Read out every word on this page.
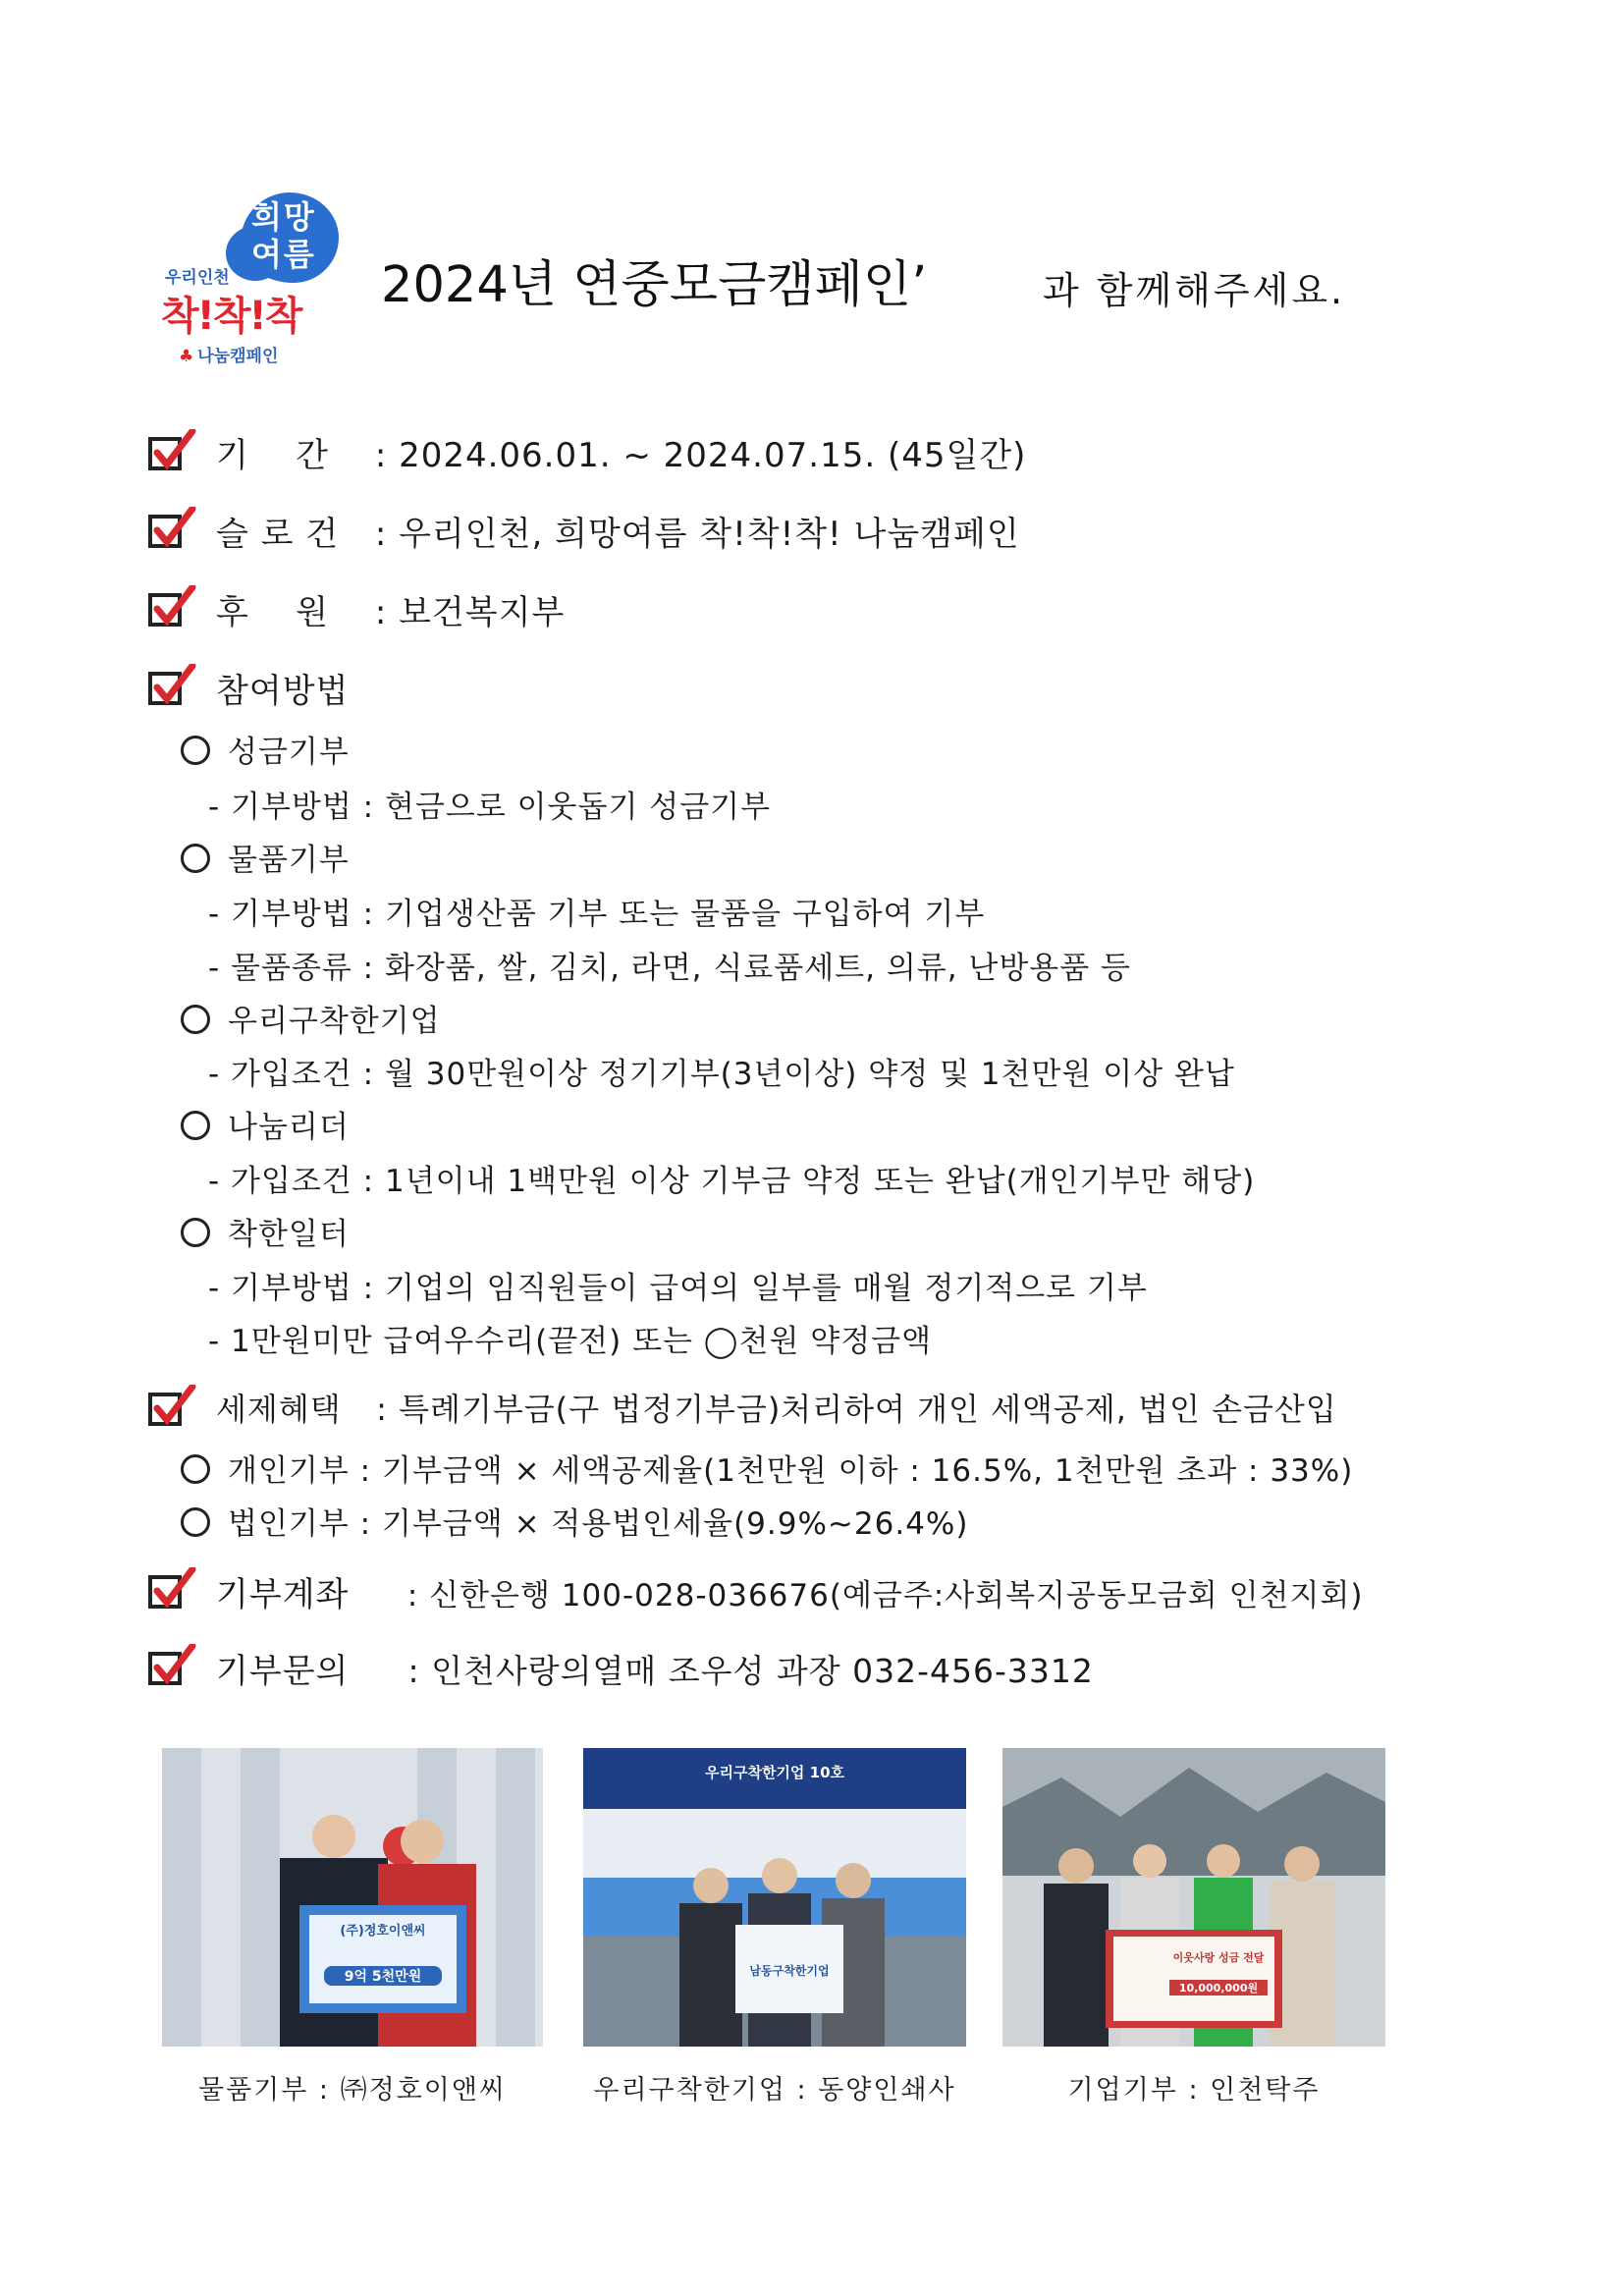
희망여름
우리인천
착!착!착
♣ 나눔캠페인
2024년 연중모금캠페인’	과 함께해주세요.
기    간 : 2024.06.01. ~ 2024.07.15. (45일간)
슬 로 건 : 우리인천, 희망여름 착!착!착! 나눔캠페인
후    원 : 보건복지부
참여방법
성금기부
- 기부방법 : 현금으로 이웃돕기 성금기부
물품기부
- 기부방법 : 기업생산품 기부 또는 물품을 구입하여 기부
- 물품종류 : 화장품, 쌀, 김치, 라면, 식료품세트, 의류, 난방용품 등
우리구착한기업
- 가입조건 : 월 30만원이상 정기기부(3년이상) 약정 및 1천만원 이상 완납
나눔리더
- 가입조건 : 1년이내 1백만원 이상 기부금 약정 또는 완납(개인기부만 해당)
착한일터
- 기부방법 : 기업의 임직원들이 급여의 일부를 매월 정기적으로 기부
- 1만원미만 급여우수리(끝전) 또는 ◯천원 약정금액
세제혜택 : 특례기부금(구 법정기부금)처리하여 개인 세액공제, 법인 손금산입
개인기부 : 기부금액 × 세액공제율(1천만원 이하 : 16.5%, 1천만원 초과 : 33%)
법인기부 : 기부금액 × 적용법인세율(9.9%~26.4%)
기부계좌 : 신한은행 100-028-036676(예금주:사회복지공동모금회 인천지회)
기부문의 : 인천사랑의열매 조우성 과장 032-456-3312
(주)정호이앤씨
9억 5천만원
우리구착한기업 10호
남동구착한기업
이웃사랑 성금 전달
10,000,000원
물품기부 : ㈜정호이앤씨	우리구착한기업 : 동양인쇄사	기업기부 : 인천탁주
